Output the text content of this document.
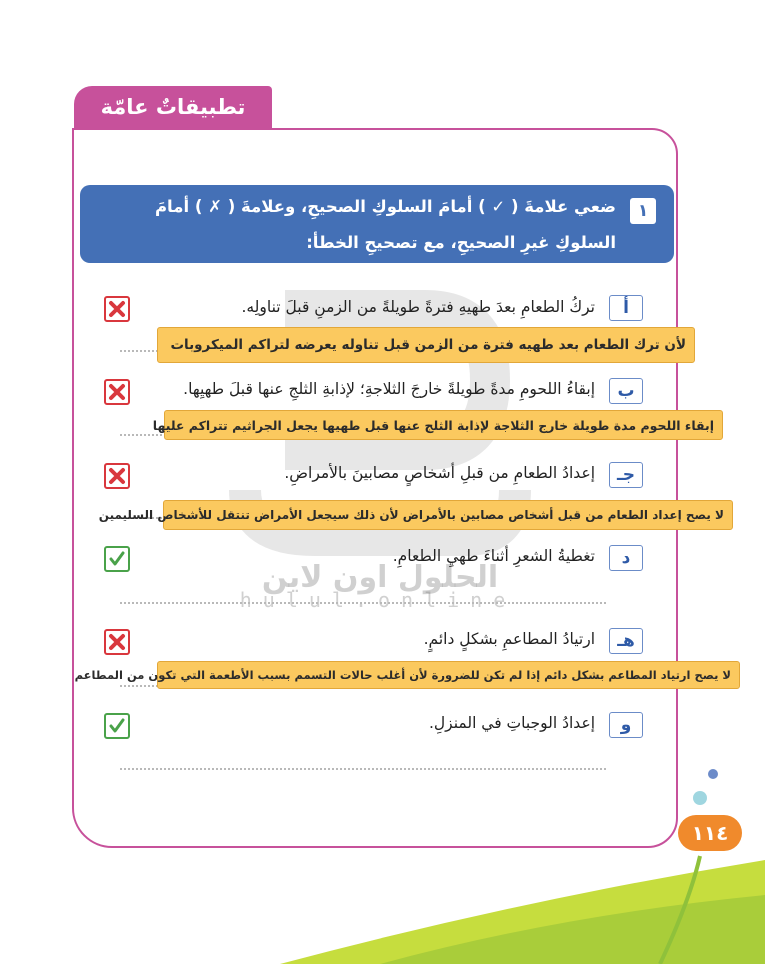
تطبيقاتٌ عامّة
الحلول اون لاين
hulul.online
١
ضعي علامةَ ( ✓ ) أمامَ السلوكِ الصحيحِ، وعلامةَ ( ✗ ) أمامَ السلوكِ غيرِ الصحيحِ، مع تصحيحِ الخطأ:
أ
تركُ الطعامِ بعدَ طهيهِ فترةً طويلةً من الزمنِ قبلَ تناولِه.
لأن ترك الطعام بعد طهيه فترة من الزمن قبل تناوله يعرضه لتراكم الميكروبات
ب
إبقاءُ اللحومِ مدةً طويلةً خارجَ الثلاجةِ؛ لإذابةِ الثلجِ عنها قبلَ طهيِها.
إبقاء اللحوم مدة طويلة خارج الثلاجة لإذابة الثلج عنها قبل طهيها يجعل الجراثيم تتراكم عليها
جـ
إعدادُ الطعامِ من قبلِ أشخاصٍ مصابينَ بالأمراضِ.
لا يصح إعداد الطعام من قبل أشخاص مصابين بالأمراض لأن ذلك سيجعل الأمراض تنتقل للأشخاص السليمين
د
تغطيةُ الشعرِ أثناءَ طهيِ الطعامِ.
هـ
ارتيادُ المطاعمِ بشكلٍ دائمٍ.
لا يصح ارتياد المطاعم بشكل دائم إذا لم تكن للضرورة لأن أغلب حالات التسمم بسبب الأطعمة التي تكون من المطاعم
و
إعدادُ الوجباتِ في المنزلِ.
١١٤
